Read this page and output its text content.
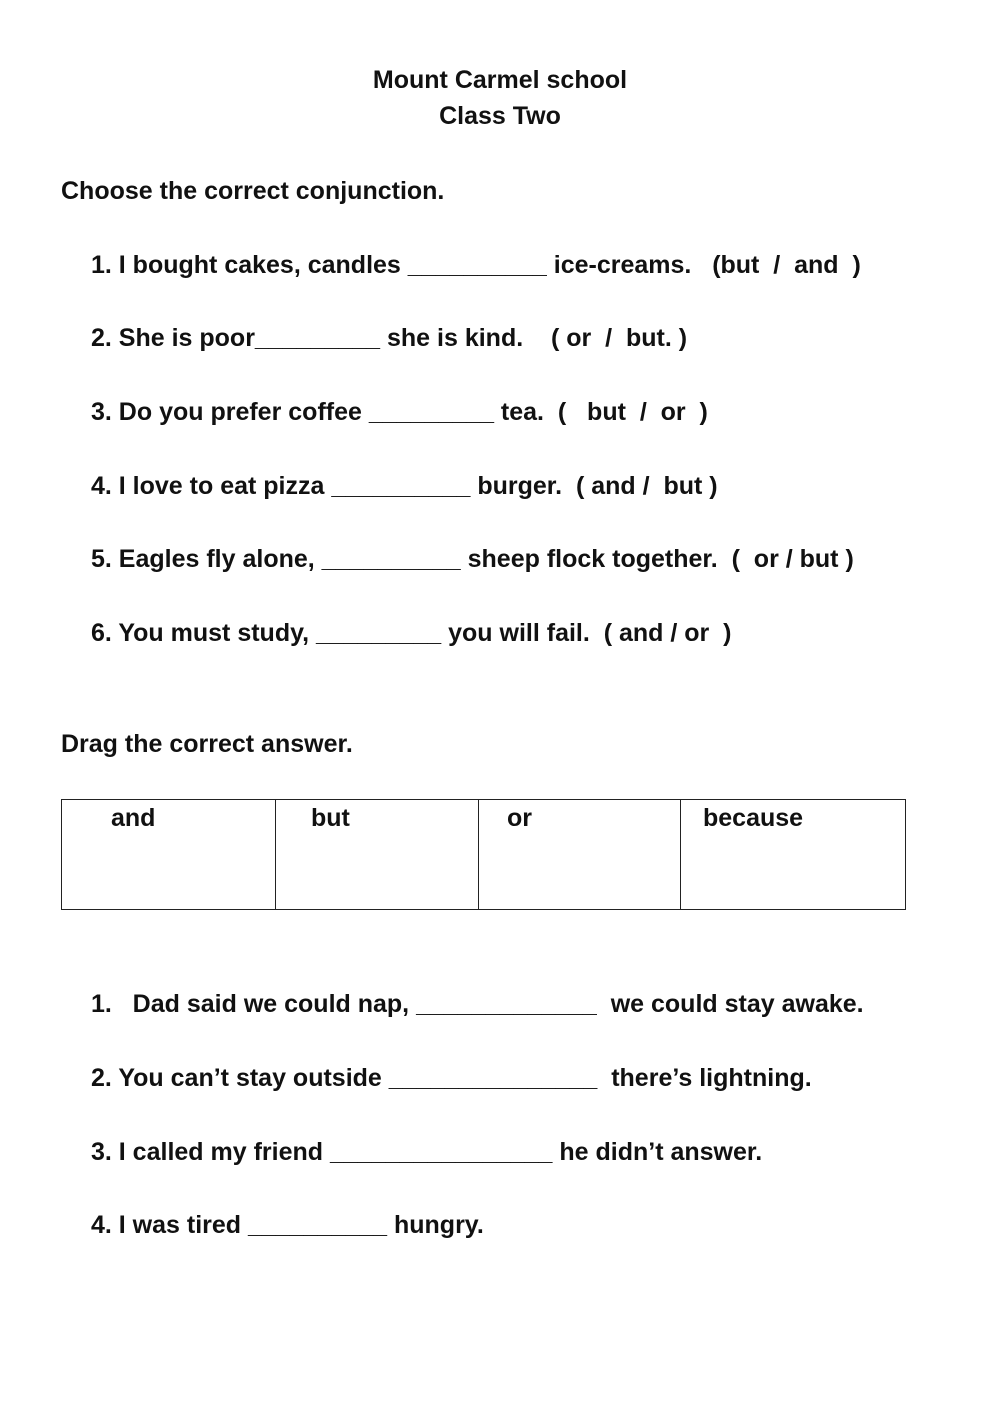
Mount Carmel school

Class Two

Choose the correct conjunction.

1. I bought cakes, candles __________ ice-creams.   (but  /  and  )

2. She is poor_________ she is kind.    ( or  /  but. )

3. Do you prefer coffee _________ tea.  (   but  /  or  )

4. I love to eat pizza __________ burger.  ( and /  but )

5. Eagles fly alone, __________ sheep flock together.  (  or / but )

6. You must study, _________ you will fail.  ( and / or  )

Drag the correct answer.

and	but	or	because

1.   Dad said we could nap, _____________  we could stay awake.

2. You can’t stay outside _______________  there’s lightning.

3. I called my friend ________________ he didn’t answer.

4. I was tired __________ hungry.
